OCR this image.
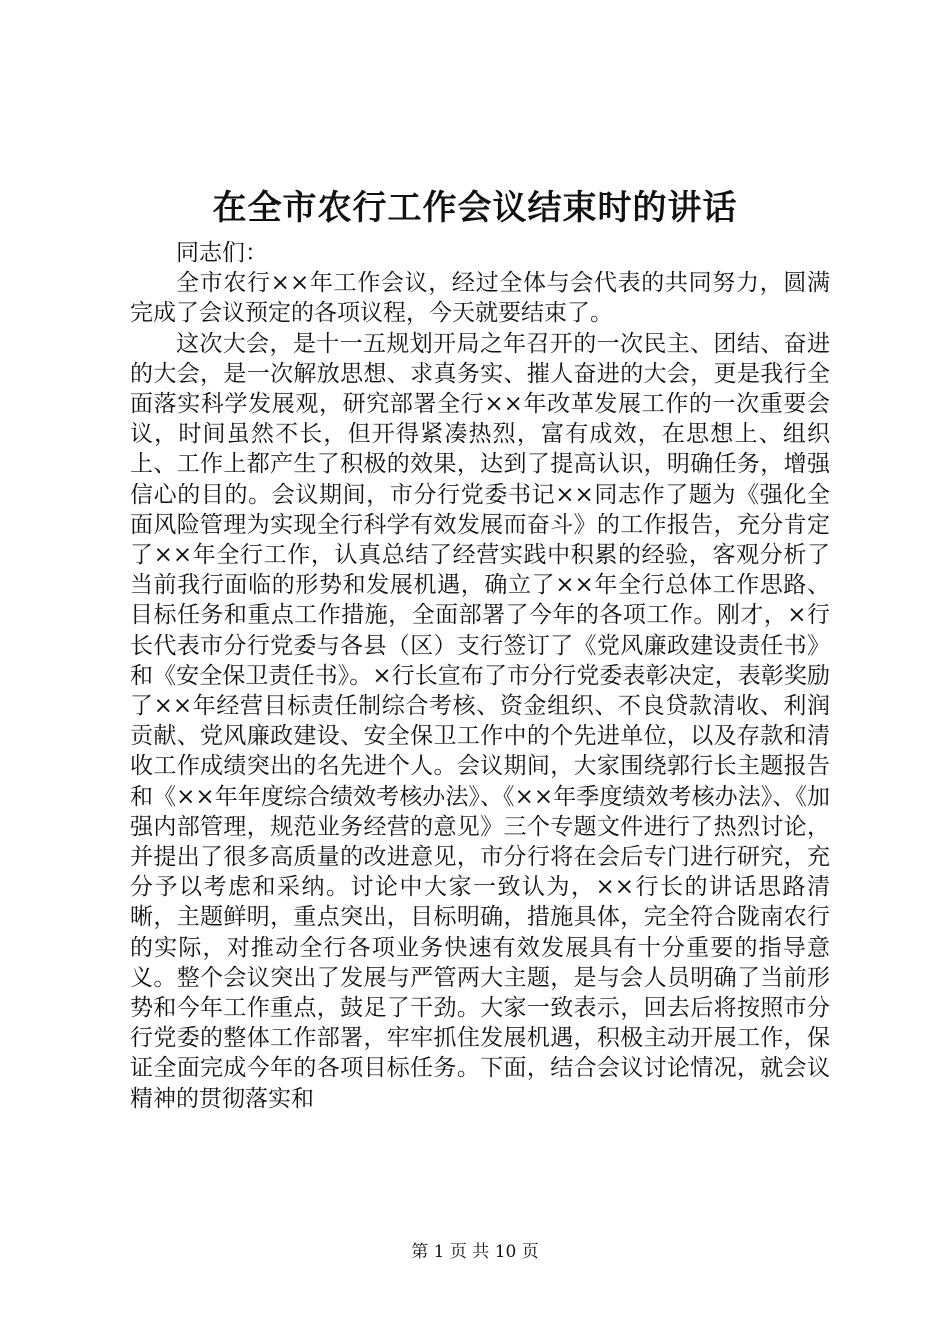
在全市农行工作会议结束时的讲话

同志们：

全市农行××年工作会议，经过全体与会代表的共同努力，圆满完成了会议预定的各项议程，今天就要结束了。

这次大会，是十一五规划开局之年召开的一次民主、团结、奋进的大会，是一次解放思想、求真务实、摧人奋进的大会，更是我行全面落实科学发展观，研究部署全行××年改革发展工作的一次重要会议，时间虽然不长，但开得紧凑热烈，富有成效，在思想上、组织上、工作上都产生了积极的效果，达到了提高认识，明确任务，增强信心的目的。会议期间，市分行党委书记××同志作了题为《强化全面风险管理为实现全行科学有效发展而奋斗》的工作报告，充分肯定了××年全行工作，认真总结了经营实践中积累的经验，客观分析了当前我行面临的形势和发展机遇，确立了××年全行总体工作思路、目标任务和重点工作措施，全面部署了今年的各项工作。刚才，×行长代表市分行党委与各县（区）支行签订了《党风廉政建设责任书》和《安全保卫责任书》。×行长宣布了市分行党委表彰决定，表彰奖励了××年经营目标责任制综合考核、资金组织、不良贷款清收、利润贡献、党风廉政建设、安全保卫工作中的个先进单位，以及存款和清收工作成绩突出的名先进个人。会议期间，大家围绕郭行长主题报告和《××年年度综合绩效考核办法》、《××年季度绩效考核办法》、《加强内部管理，规范业务经营的意见》三个专题文件进行了热烈讨论，并提出了很多高质量的改进意见，市分行将在会后专门进行研究，充分予以考虑和采纳。讨论中大家一致认为，××行长的讲话思路清晰，主题鲜明，重点突出，目标明确，措施具体，完全符合陇南农行的实际，对推动全行各项业务快速有效发展具有十分重要的指导意义。整个会议突出了发展与严管两大主题，是与会人员明确了当前形势和今年工作重点，鼓足了干劲。大家一致表示，回去后将按照市分行党委的整体工作部署，牢牢抓住发展机遇，积极主动开展工作，保证全面完成今年的各项目标任务。下面，结合会议讨论情况，就会议精神的贯彻落实和

第 1 页 共 10 页
